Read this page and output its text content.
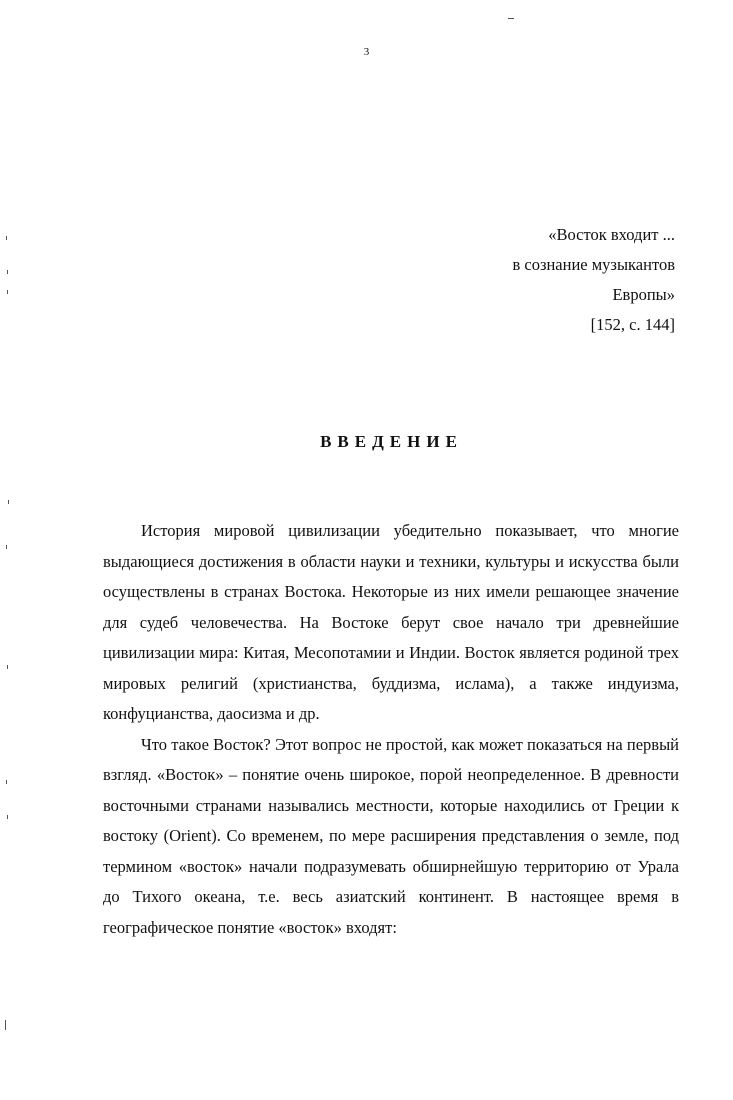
3
«Восток входит ...
в сознание музыкантов
Европы»
[152, с. 144]
ВВЕДЕНИЕ

История мировой цивилизации убедительно показывает, что многие выдающиеся достижения в области науки и техники, культуры и искусства были осуществлены в странах Востока. Некоторые из них имели решающее значение для судеб человечества. На Востоке берут свое начало три древнейшие цивилизации мира: Китая, Месопотамии и Индии. Восток является родиной трех мировых религий (христианства, буддизма, ислама), а также индуизма, конфуцианства, даосизма и др.

Что такое Восток? Этот вопрос не простой, как может показаться на первый взгляд. «Восток» – понятие очень широкое, порой неопределенное. В древности восточными странами назывались местности, которые находились от Греции к востоку (Orient). Со временем, по мере расширения представления о земле, под термином «восток» начали подразумевать обширнейшую территорию от Урала до Тихого океана, т.е. весь азиатский континент. В настоящее время в географическое понятие «восток» входят:
